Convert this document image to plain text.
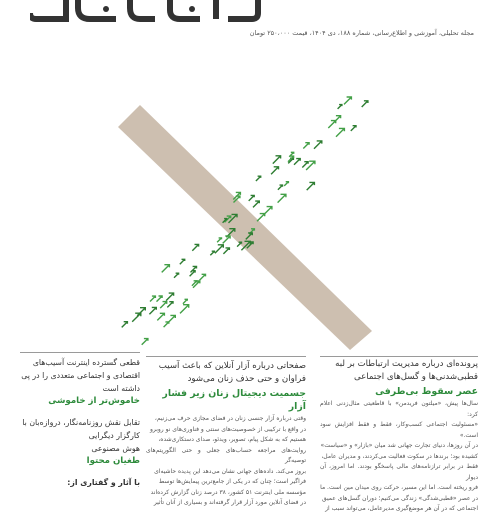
مجله تحلیلی، آموزشی و اطلاع‌رسانی، شماره ۱۸۸، دی ۱۴۰۴، قیمت ۲۵۰،۰۰۰ تومان
پرونده‌ای درباره مدیریت ارتباطات بر لبه قطبی‌شدنی‌ها و گسل‌های اجتماعی
عصر سقوط بی‌طرفی
سال‌ها پیش، «میلتون فریدمن» با قاطعیتی مثال‌زدنی اعلام کرد:
«مسئولیت اجتماعی کسب‌وکار، فقط و فقط افزایش سود است.»
در آن روزها، دنیای تجارت جهانی شد میان «بازار» و «سیاست»
کشیده بود؛ برندها در سکوت فعالیت می‌کردند، و مدیران عامل،
فقط در برابر ترازنامه‌های مالی پاسخگو بودند. اما امروز، آن دیوار
فرو ریخته است. اما این مسیر، حرکت روی میدان مین است. ما
در عصر «قطبی‌شدگی» زندگی می‌کنیم؛ دوران گسل‌های عمیق
اجتماعی که در آن هر موضع‌گیری مدیرعامل، می‌تواند سبب از
صفحاتی درباره آزار آنلاین که باعث آسیب فراوان و حتی حذف زنان می‌شود
جسمیت دیجیتال زنان زیر فشار آزار
وقتی درباره آزار جنسی زنان در فضای مجازی حرف می‌زنیم،
در واقع با ترکیبی از خصوصیت‌های سنتی و فناوری‌های نو روبرو
هستیم که به شکل پیام، تصویر، ویدئو، صدای دستکاری‌شده،
روایت‌های مراجعه حساب‌های جعلی و حتی الگوریتم‌های توصیه‌گر
بروز می‌کند. داده‌های جهانی نشان می‌دهد این پدیده حاشیه‌ای
فراگیر است؛ چنان که در یکی از جامع‌ترین پیمایش‌ها توسط
مؤسسه ملی اینترنت ۵۱ کشور، ۳۸ درصد زنان گزارش کرده‌اند
در فضای آنلاین مورد آزار قرار گرفته‌اند و بسیاری از آنان تأثیر
قطعی گسترده اینترنت آسیب‌های اقتصادی و اجتماعی متعددی را در پی داشته است
خاموش‌تر از خاموشی
تقابل نقش روزنامه‌نگار، دروازه‌بان با کارگزار دیگرایی
هوش مصنوعی
طغیان محتوا
با آثار و گفتاری از:
